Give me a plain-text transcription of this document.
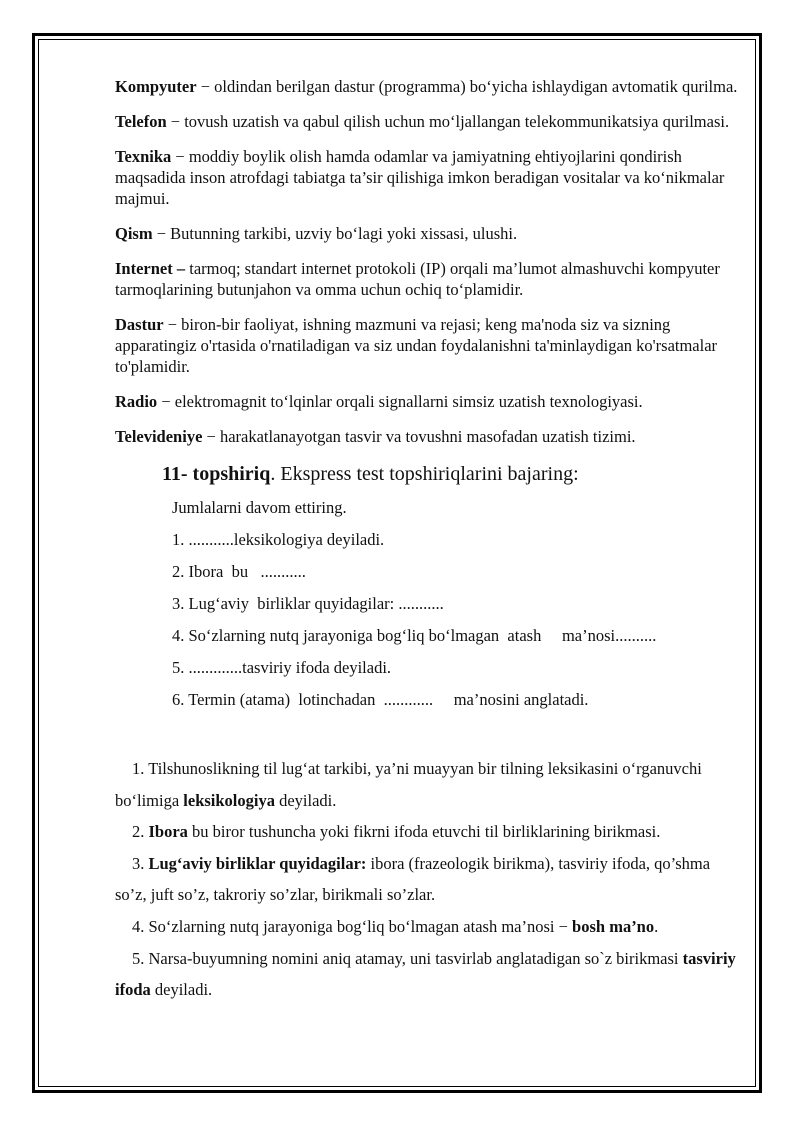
Kompyuter − oldindan berilgan dastur (programma) bo‘yicha ishlaydigan avtomatik qurilma.

Telefon − tovush uzatish va qabul qilish uchun mo‘ljallangan telekommunikatsiya qurilmasi.

Texnika − moddiy boylik olish hamda odamlar va jamiyatning ehtiyojlarini qondirish maqsadida inson atrofdagi tabiatga ta’sir qilishiga imkon beradigan vositalar va ko‘nikmalar majmui.

Qism − Butunning tarkibi, uzviy bo‘lagi yoki xissasi, ulushi.

Internet – tarmoq; standart internet protokoli (IP) orqali ma’lumot almashuvchi kompyuter tarmoqlarining butunjahon va omma uchun ochiq to‘plamidir.

Dastur − biron-bir faoliyat, ishning mazmuni va rejasi; keng ma'noda siz va sizning apparatingiz o'rtasida o'rnatiladigan va siz undan foydalanishni ta'minlaydigan ko'rsatmalar to'plamidir.

Radio − elektromagnit to‘lqinlar orqali signallarni simsiz uzatish texnologiyasi.

Televideniye − harakatlanayotgan tasvir va tovushni masofadan uzatish tizimi.

11- topshiriq. Ekspress test topshiriqlarini bajaring:
Jumlalarni davom ettiring.
1. ...........leksikologiya deyiladi.
2. Ibora  bu   ...........
3. Lug‘aviy  birliklar quyidagilar: ...........
4. So‘zlarning nutq jarayoniga bog‘liq bo‘lmagan  atash     ma’nosi..........
5. .............tasviriy ifoda deyiladi.
6. Termin (atama)  lotinchadan  ............     ma’nosini anglatadi.

1. Tilshunoslikning til lug‘at tarkibi, ya’ni muayyan bir tilning leksikasini o‘rganuvchi bo‘limiga leksikologiya deyiladi.

2. Ibora bu biror tushuncha yoki fikrni ifoda etuvchi til birliklarining birikmasi.

3. Lug‘aviy birliklar quyidagilar: ibora (frazeologik birikma), tasviriy ifoda, qo’shma so’z, juft so’z, takroriy so’zlar, birikmali so’zlar.

4. So‘zlarning nutq jarayoniga bog‘liq bo‘lmagan atash ma’nosi − bosh ma’no.

5. Narsa-buyumning nomini aniq atamay, uni tasvirlab anglatadigan so`z birikmasi tasviriy ifoda deyiladi.
